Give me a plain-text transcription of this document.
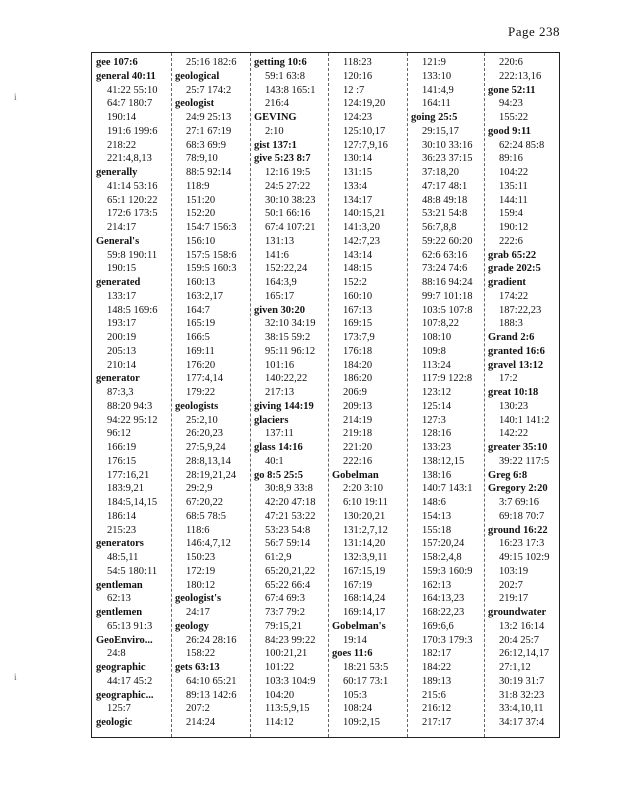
Page 238
i
i
gee 107:6
general 40:11
41:22 55:10
64:7 180:7
190:14
191:6 199:6
218:22
221:4,8,13
generally
41:14 53:16
65:1 120:22
172:6 173:5
214:17
General's
59:8 190:11
190:15
generated
133:17
148:5 169:6
193:17
200:19
205:13
210:14
generator
87:3,3
88:20 94:3
94:22 95:12
96:12
166:19
176:15
177:16,21
183:9,21
184:5,14,15
186:14
215:23
generators
48:5,11
54:5 180:11
gentleman
62:13
gentlemen
65:13 91:3
GeoEnviro...
24:8
geographic
44:17 45:2
geographic...
125:7
geologic
25:16 182:6
geological
25:7 174:2
geologist
24:9 25:13
27:1 67:19
68:3 69:9
78:9,10
88:5 92:14
118:9
151:20
152:20
154:7 156:3
156:10
157:5 158:6
159:5 160:3
160:13
163:2,17
164:7
165:19
166:5
169:11
176:20
177:4,14
179:22
geologists
25:2,10
26:20,23
27:5,9,24
28:8,13,14
28:19,21,24
29:2,9
67:20,22
68:5 78:5
118:6
146:4,7,12
150:23
172:19
180:12
geologist's
24:17
geology
26:24 28:16
158:22
gets 63:13
64:10 65:21
89:13 142:6
207:2
214:24
getting 10:6
59:1 63:8
143:8 165:1
216:4
GEVING
2:10
gist 137:1
give 5:23 8:7
12:16 19:5
24:5 27:22
30:10 38:23
50:1 66:16
67:4 107:21
131:13
141:6
152:22,24
164:3,9
165:17
given 30:20
32:10 34:19
38:15 59:2
95:11 96:12
101:16
140:22,22
217:13
giving 144:19
glaciers
137:11
glass 14:16
40:1
go 8:5 25:5
30:8,9 33:8
42:20 47:18
47:21 53:22
53:23 54:8
56:7 59:14
61:2,9
65:20,21,22
65:22 66:4
67:4 69:3
73:7 79:2
79:15,21
84:23 99:22
100:21,21
101:22
103:3 104:9
104:20
113:5,9,15
114:12
118:23
120:16
12 :7
124:19,20
124:23
125:10,17
127:7,9,16
130:14
131:15
133:4
134:17
140:15,21
141:3,20
142:7,23
143:14
148:15
152:2
160:10
167:13
169:15
173:7,9
176:18
184:20
186:20
206:9
209:13
214:19
219:18
221:20
222:16
Gobelman
2:20 3:10
6:10 19:11
130:20,21
131:2,7,12
131:14,20
132:3,9,11
167:15,19
167:19
168:14,24
169:14,17
Gobelman's
19:14
goes 11:6
18:21 53:5
60:17 73:1
105:3
108:24
109:2,15
121:9
133:10
141:4,9
164:11
going 25:5
29:15,17
30:10 33:16
36:23 37:15
37:18,20
47:17 48:1
48:8 49:18
53:21 54:8
56:7,8,8
59:22 60:20
62:6 63:16
73:24 74:6
88:16 94:24
99:7 101:18
103:5 107:8
107:8,22
108:10
109:8
113:24
117:9 122:8
123:12
125:14
127:3
128:16
133:23
138:12,15
138:16
140:7 143:1
148:6
154:13
155:18
157:20,24
158:2,4,8
159:3 160:9
162:13
164:13,23
168:22,23
169:6,6
170:3 179:3
182:17
184:22
189:13
215:6
216:12
217:17
220:6
222:13,16
gone 52:11
94:23
155:22
good 9:11
62:24 85:8
89:16
104:22
135:11
144:11
159:4
190:12
222:6
grab 65:22
grade 202:5
gradient
174:22
187:22,23
188:3
Grand 2:6
granted 16:6
gravel 13:12
17:2
great 10:18
130:23
140:1 141:2
142:22
greater 35:10
39:22 117:5
Greg 6:8
Gregory 2:20
3:7 69:16
69:18 70:7
ground 16:22
16:23 17:3
49:15 102:9
103:19
202:7
219:17
groundwater
13:2 16:14
20:4 25:7
26:12,14,17
27:1,12
30:19 31:7
31:8 32:23
33:4,10,11
34:17 37:4
